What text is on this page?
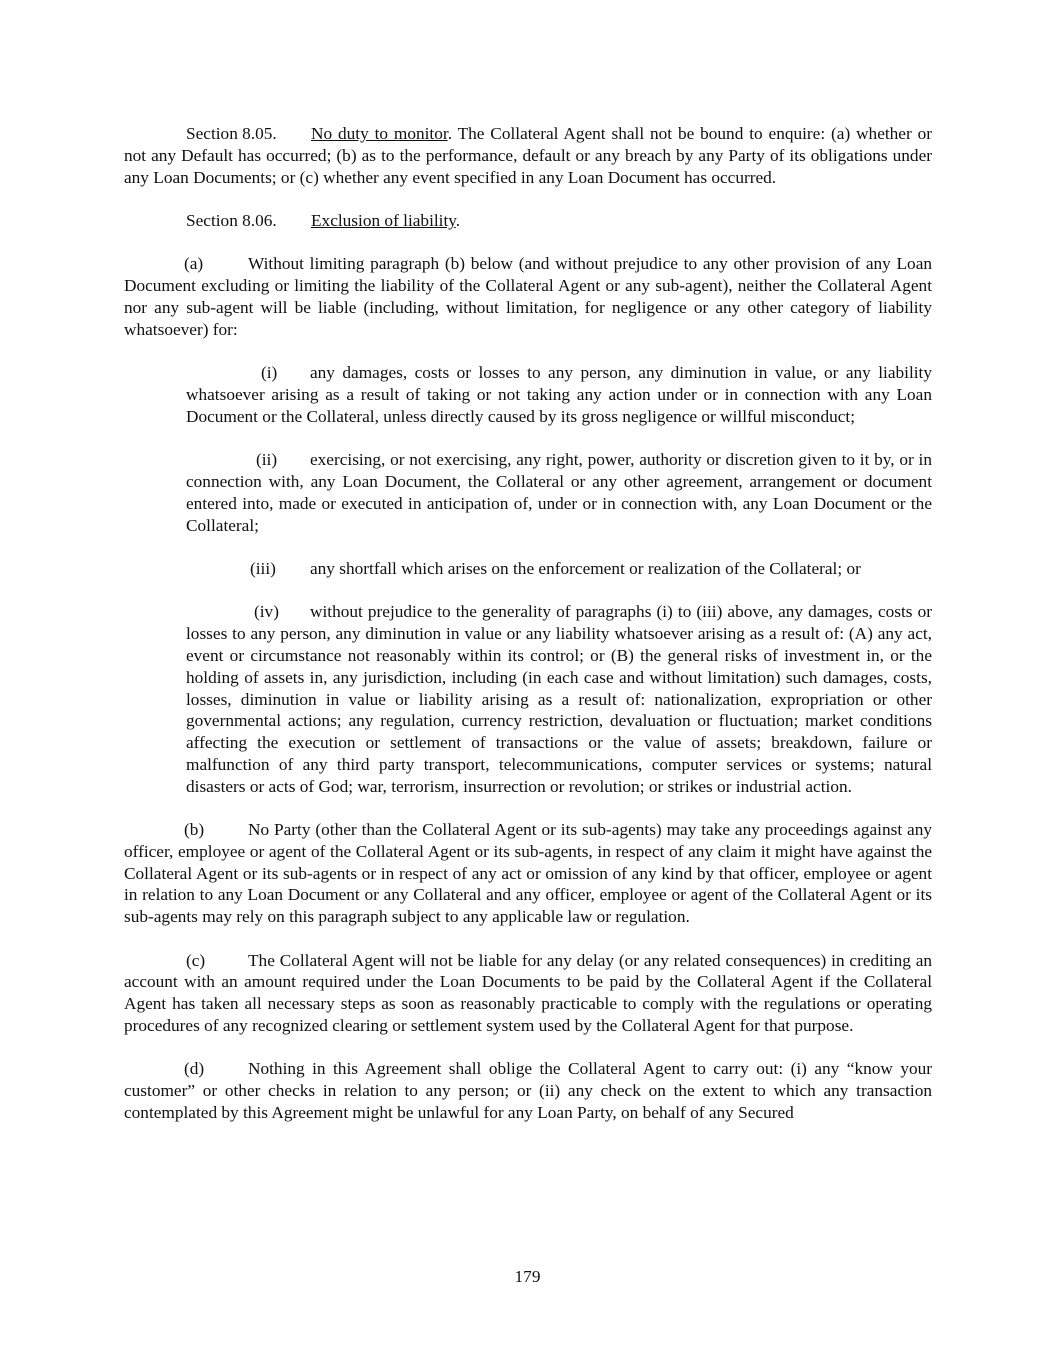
Section 8.05. No duty to monitor. The Collateral Agent shall not be bound to enquire: (a) whether or not any Default has occurred; (b) as to the performance, default or any breach by any Party of its obligations under any Loan Documents; or (c) whether any event specified in any Loan Document has occurred.

Section 8.06. Exclusion of liability.

(a)	Without limiting paragraph (b) below (and without prejudice to any other provision of any Loan Document excluding or limiting the liability of the Collateral Agent or any sub-agent), neither the Collateral Agent nor any sub-agent will be liable (including, without limitation, for negligence or any other category of liability whatsoever) for:

(i) any damages, costs or losses to any person, any diminution in value, or any liability whatsoever arising as a result of taking or not taking any action under or in connection with any Loan Document or the Collateral, unless directly caused by its gross negligence or willful misconduct;

(ii) exercising, or not exercising, any right, power, authority or discretion given to it by, or in connection with, any Loan Document, the Collateral or any other agreement, arrangement or document entered into, made or executed in anticipation of, under or in connection with, any Loan Document or the Collateral;

(iii) any shortfall which arises on the enforcement or realization of the Collateral; or

(iv) without prejudice to the generality of paragraphs (i) to (iii) above, any damages, costs or losses to any person, any diminution in value or any liability whatsoever arising as a result of: (A) any act, event or circumstance not reasonably within its control; or (B) the general risks of investment in, or the holding of assets in, any jurisdiction, including (in each case and without limitation) such damages, costs, losses, diminution in value or liability arising as a result of: nationalization, expropriation or other governmental actions; any regulation, currency restriction, devaluation or fluctuation; market conditions affecting the execution or settlement of transactions or the value of assets; breakdown, failure or malfunction of any third party transport, telecommunications, computer services or systems; natural disasters or acts of God; war, terrorism, insurrection or revolution; or strikes or industrial action.

(b)	No Party (other than the Collateral Agent or its sub-agents) may take any proceedings against any officer, employee or agent of the Collateral Agent or its sub-agents, in respect of any claim it might have against the Collateral Agent or its sub-agents or in respect of any act or omission of any kind by that officer, employee or agent in relation to any Loan Document or any Collateral and any officer, employee or agent of the Collateral Agent or its sub-agents may rely on this paragraph subject to any applicable law or regulation.

(c) The Collateral Agent will not be liable for any delay (or any related consequences) in crediting an account with an amount required under the Loan Documents to be paid by the Collateral Agent if the Collateral Agent has taken all necessary steps as soon as reasonably practicable to comply with the regulations or operating procedures of any recognized clearing or settlement system used by the Collateral Agent for that purpose.

(d)	Nothing in this Agreement shall oblige the Collateral Agent to carry out: (i) any “know your customer” or other checks in relation to any person; or (ii) any check on the extent to which any transaction contemplated by this Agreement might be unlawful for any Loan Party, on behalf of any Secured

179
